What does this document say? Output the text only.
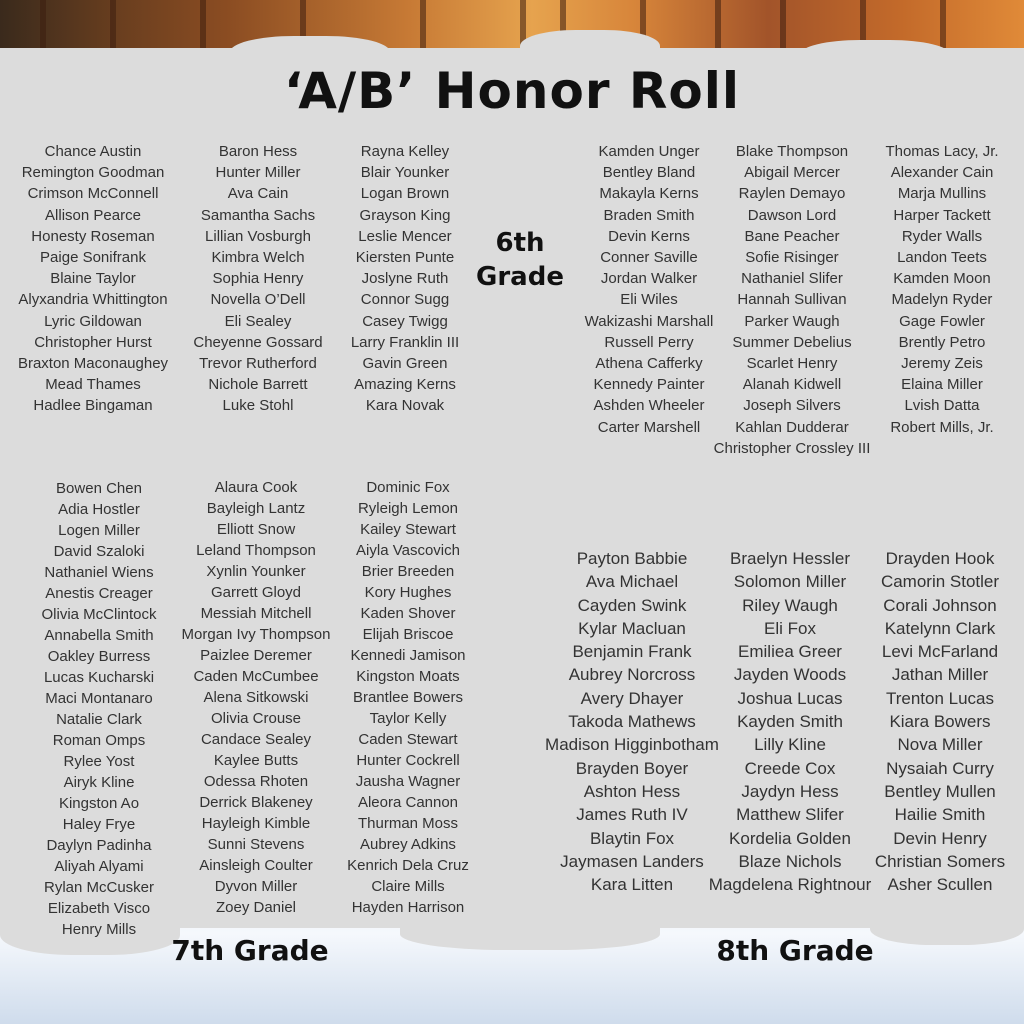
‘A/B’ Honor Roll
Chance Austin
Remington Goodman
Crimson McConnell
Allison Pearce
Honesty Roseman
Paige Sonifrank
Blaine Taylor
Alyxandria Whittington
Lyric Gildowan
Christopher Hurst
Braxton Maconaughey
Mead Thames
Hadlee Bingaman
Baron Hess
Hunter Miller
Ava Cain
Samantha Sachs
Lillian Vosburgh
Kimbra Welch
Sophia Henry
Novella O’Dell
Eli Sealey
Cheyenne Gossard
Trevor Rutherford
Nichole Barrett
Luke Stohl
Rayna Kelley
Blair Younker
Logan Brown
Grayson King
Leslie Mencer
Kiersten Punte
Joslyne Ruth
Connor Sugg
Casey Twigg
Larry Franklin III
Gavin Green
Amazing Kerns
Kara Novak
Kamden Unger
Bentley Bland
Makayla Kerns
Braden Smith
Devin Kerns
Conner Saville
Jordan Walker
Eli Wiles
Wakizashi Marshall
Russell Perry
Athena Cafferky
Kennedy Painter
Ashden Wheeler
Carter Marshell
Blake Thompson
Abigail Mercer
Raylen Demayo
Dawson Lord
Bane Peacher
Sofie Risinger
Nathaniel Slifer
Hannah Sullivan
Parker Waugh
Summer Debelius
Scarlet Henry
Alanah Kidwell
Joseph Silvers
Kahlan Dudderar
Christopher Crossley III
Thomas Lacy, Jr.
Alexander Cain
Marja Mullins
Harper Tackett
Ryder Walls
Landon Teets
Kamden Moon
Madelyn Ryder
Gage Fowler
Brently Petro
Jeremy Zeis
Elaina Miller
Lvish Datta
Robert Mills, Jr.
6th
Grade
Bowen Chen
Adia Hostler
Logen Miller
David Szaloki
Nathaniel Wiens
Anestis Creager
Olivia McClintock
Annabella Smith
Oakley Burress
Lucas Kucharski
Maci Montanaro
Natalie Clark
Roman Omps
Rylee Yost
Airyk Kline
Kingston Ao
Haley Frye
Daylyn Padinha
Aliyah Alyami
Rylan McCusker
Elizabeth Visco
Henry Mills
Alaura Cook
Bayleigh Lantz
Elliott Snow
Leland Thompson
Xynlin Younker
Garrett Gloyd
Messiah Mitchell
Morgan Ivy Thompson
Paizlee Deremer
Caden McCumbee
Alena Sitkowski
Olivia Crouse
Candace Sealey
Kaylee Butts
Odessa Rhoten
Derrick Blakeney
Hayleigh Kimble
Sunni Stevens
Ainsleigh Coulter
Dyvon Miller
Zoey Daniel
Dominic Fox
Ryleigh Lemon
Kailey Stewart
Aiyla Vascovich
Brier Breeden
Kory Hughes
Kaden Shover
Elijah Briscoe
Kennedi Jamison
Kingston Moats
Brantlee Bowers
Taylor Kelly
Caden Stewart
Hunter Cockrell
Jausha Wagner
Aleora Cannon
Thurman Moss
Aubrey Adkins
Kenrich Dela Cruz
Claire Mills
Hayden Harrison
7th Grade
Payton Babbie
Ava Michael
Cayden Swink
Kylar Macluan
Benjamin Frank
Aubrey Norcross
Avery Dhayer
Takoda Mathews
Madison Higginbotham
Brayden Boyer
Ashton Hess
James Ruth IV
Blaytin Fox
Jaymasen Landers
Kara Litten
Braelyn Hessler
Solomon Miller
Riley Waugh
Eli Fox
Emiliea Greer
Jayden Woods
Joshua Lucas
Kayden Smith
Lilly Kline
Creede Cox
Jaydyn Hess
Matthew Slifer
Kordelia Golden
Blaze Nichols
Magdelena Rightnour
Drayden Hook
Camorin Stotler
Corali Johnson
Katelynn Clark
Levi McFarland
Jathan Miller
Trenton Lucas
Kiara Bowers
Nova Miller
Nysaiah Curry
Bentley Mullen
Hailie Smith
Devin Henry
Christian Somers
Asher Scullen
8th Grade
